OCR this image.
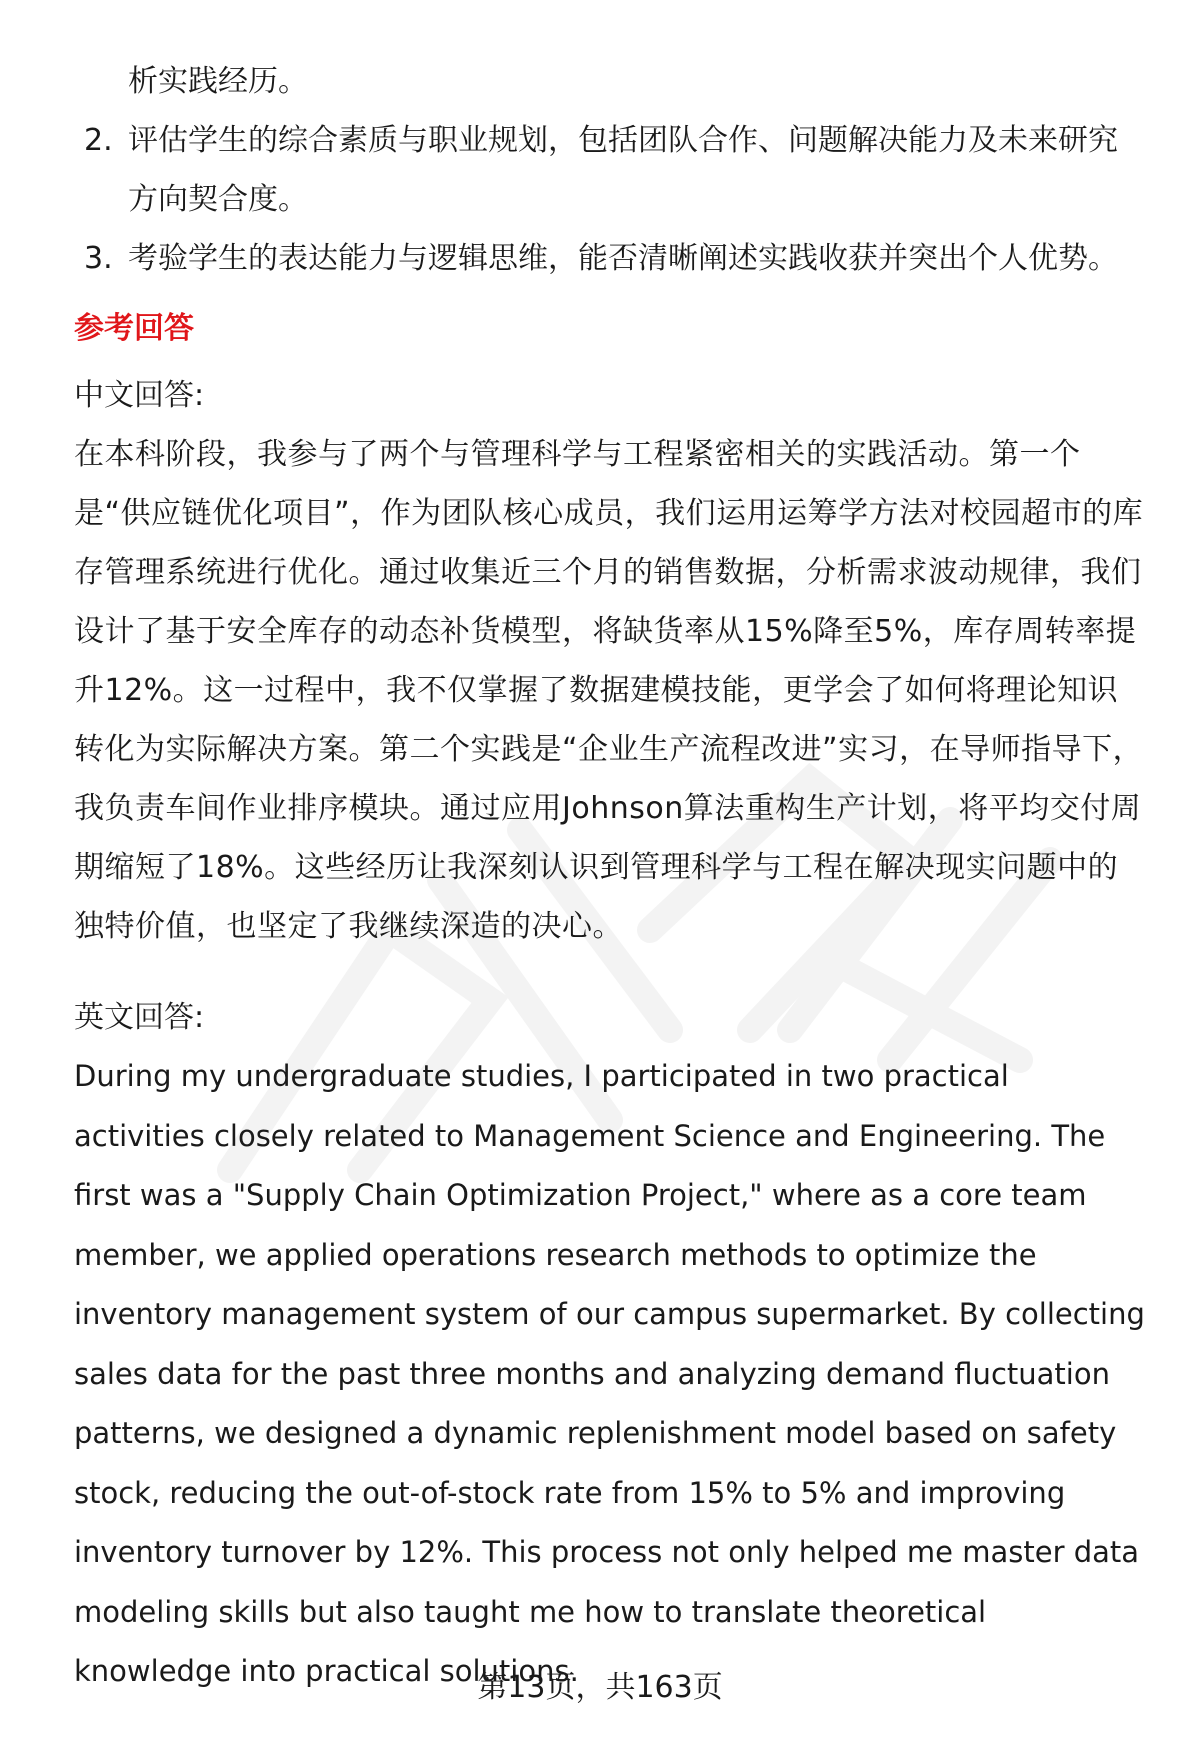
析实践经历。

2. 评估学生的综合素质与职业规划，包括团队合作、问题解决能力及未来研究方向契合度。
3. 考验学生的表达能力与逻辑思维，能否清晰阐述实践收获并突出个人优势。
参考回答

中文回答:

在本科阶段，我参与了两个与管理科学与工程紧密相关的实践活动。第一个是“供应链优化项目”，作为团队核心成员，我们运用运筹学方法对校园超市的库存管理系统进行优化。通过收集近三个月的销售数据，分析需求波动规律，我们设计了基于安全库存的动态补货模型，将缺货率从15%降至5%，库存周转率提升12%。这一过程中，我不仅掌握了数据建模技能，更学会了如何将理论知识转化为实际解决方案。第二个实践是“企业生产流程改进”实习，在导师指导下，我负责车间作业排序模块。通过应用Johnson算法重构生产计划，将平均交付周期缩短了18%。这些经历让我深刻认识到管理科学与工程在解决现实问题中的独特价值，也坚定了我继续深造的决心。

英文回答:

During my undergraduate studies, I participated in two practical activities closely related to Management Science and Engineering. The first was a "Supply Chain Optimization Project," where as a core team member, we applied operations research methods to optimize the inventory management system of our campus supermarket. By collecting sales data for the past three months and analyzing demand fluctuation patterns, we designed a dynamic replenishment model based on safety stock, reducing the out-of-stock rate from 15% to 5% and improving inventory turnover by 12%. This process not only helped me master data modeling skills but also taught me how to translate theoretical knowledge into practical solutions.

第13页，共163页
